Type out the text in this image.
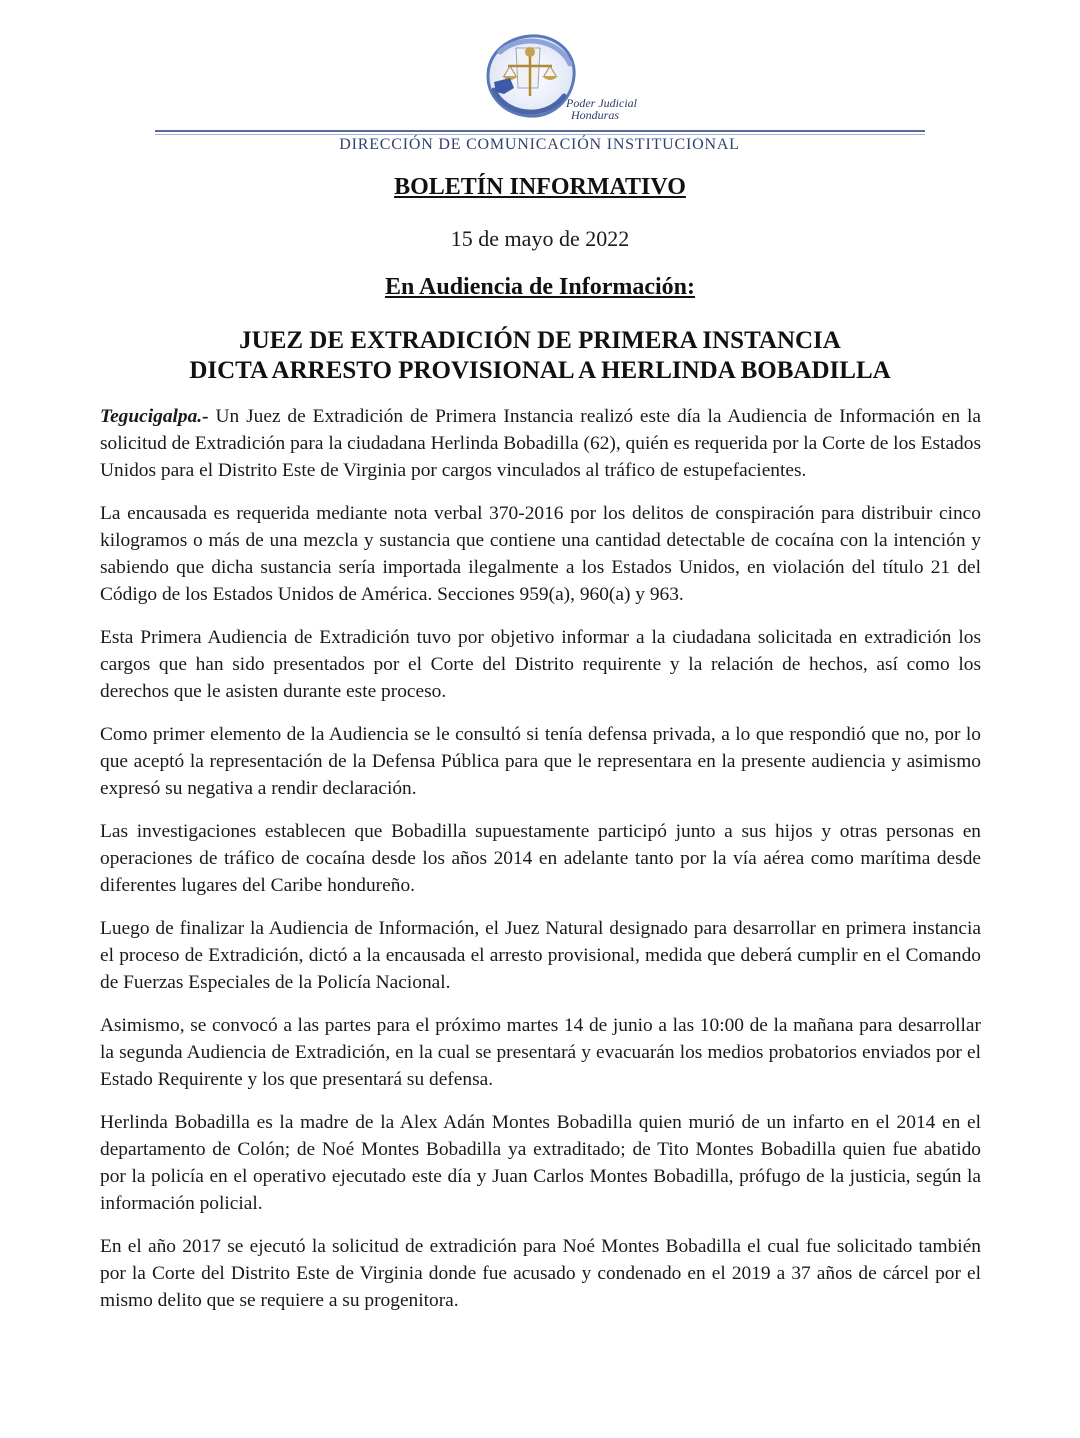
Poder Judicial
Honduras
DIRECCIÓN DE COMUNICACIÓN INSTITUCIONAL
BOLETÍN INFORMATIVO
15 de mayo de 2022
En Audiencia de Información:
JUEZ DE EXTRADICIÓN DE PRIMERA INSTANCIA
DICTA ARRESTO PROVISIONAL A HERLINDA BOBADILLA

Tegucigalpa.- Un Juez de Extradición de Primera Instancia realizó este día la Audiencia de Información en la solicitud de Extradición para la ciudadana Herlinda Bobadilla (62), quién es requerida por la Corte de los Estados Unidos para el Distrito Este de Virginia por cargos vinculados al tráfico de estupefacientes.

La encausada es requerida mediante nota verbal 370-2016 por los delitos de conspiración para distribuir cinco kilogramos o más de una mezcla y sustancia que contiene una cantidad detectable de cocaína con la intención y sabiendo que dicha sustancia sería importada ilegalmente a los Estados Unidos, en violación del título 21 del Código de los Estados Unidos de América. Secciones 959(a), 960(a) y 963.

Esta Primera Audiencia de Extradición tuvo por objetivo informar a la ciudadana solicitada en extradición los cargos que han sido presentados por el Corte del Distrito requirente y la relación de hechos, así como los derechos que le asisten durante este proceso.

Como primer elemento de la Audiencia se le consultó si tenía defensa privada, a lo que respondió que no, por lo que aceptó la representación de la Defensa Pública para que le representara en la presente audiencia y asimismo expresó su negativa a rendir declaración.

Las investigaciones establecen que Bobadilla supuestamente participó junto a sus hijos y otras personas en operaciones de tráfico de cocaína desde los años 2014 en adelante tanto por la vía aérea como marítima desde diferentes lugares del Caribe hondureño.

Luego de finalizar la Audiencia de Información, el Juez Natural designado para desarrollar en primera instancia el proceso de Extradición, dictó a la encausada el arresto provisional, medida que deberá cumplir en el Comando de Fuerzas Especiales de la Policía Nacional.

Asimismo, se convocó a las partes para el próximo martes 14 de junio a las 10:00 de la mañana para desarrollar la segunda Audiencia de Extradición, en la cual se presentará y evacuarán los medios probatorios enviados por el Estado Requirente y los que presentará su defensa.

Herlinda Bobadilla es la madre de la Alex Adán Montes Bobadilla quien murió de un infarto en el 2014 en el departamento de Colón; de Noé Montes Bobadilla ya extraditado; de Tito Montes Bobadilla quien fue abatido por la policía en el operativo ejecutado este día y Juan Carlos Montes Bobadilla, prófugo de la justicia, según la información policial.

En el año 2017 se ejecutó la solicitud de extradición para Noé Montes Bobadilla el cual fue solicitado también por la Corte del Distrito Este de Virginia donde fue acusado y condenado en el 2019 a 37 años de cárcel por el mismo delito que se requiere a su progenitora.
